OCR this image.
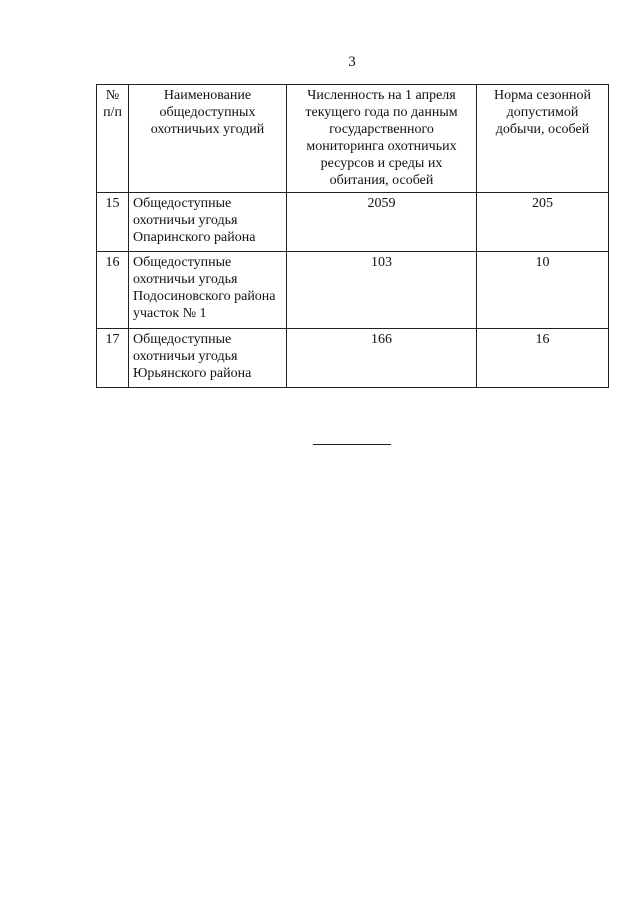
3
№ п/п	Наименование общедоступных охотничьих угодий	Численность на 1 апреля текущего года по данным государственного мониторинга охотничьих ресурсов и среды их обитания, особей	Норма сезонной допустимой добычи, особей
15	Общедоступные охотничьи угодья Опаринского района	2059	205
16	Общедоступные охотничьи угодья Подосиновского района участок № 1	103	10
17	Общедоступные охотничьи угодья Юрьянского района	166	16
